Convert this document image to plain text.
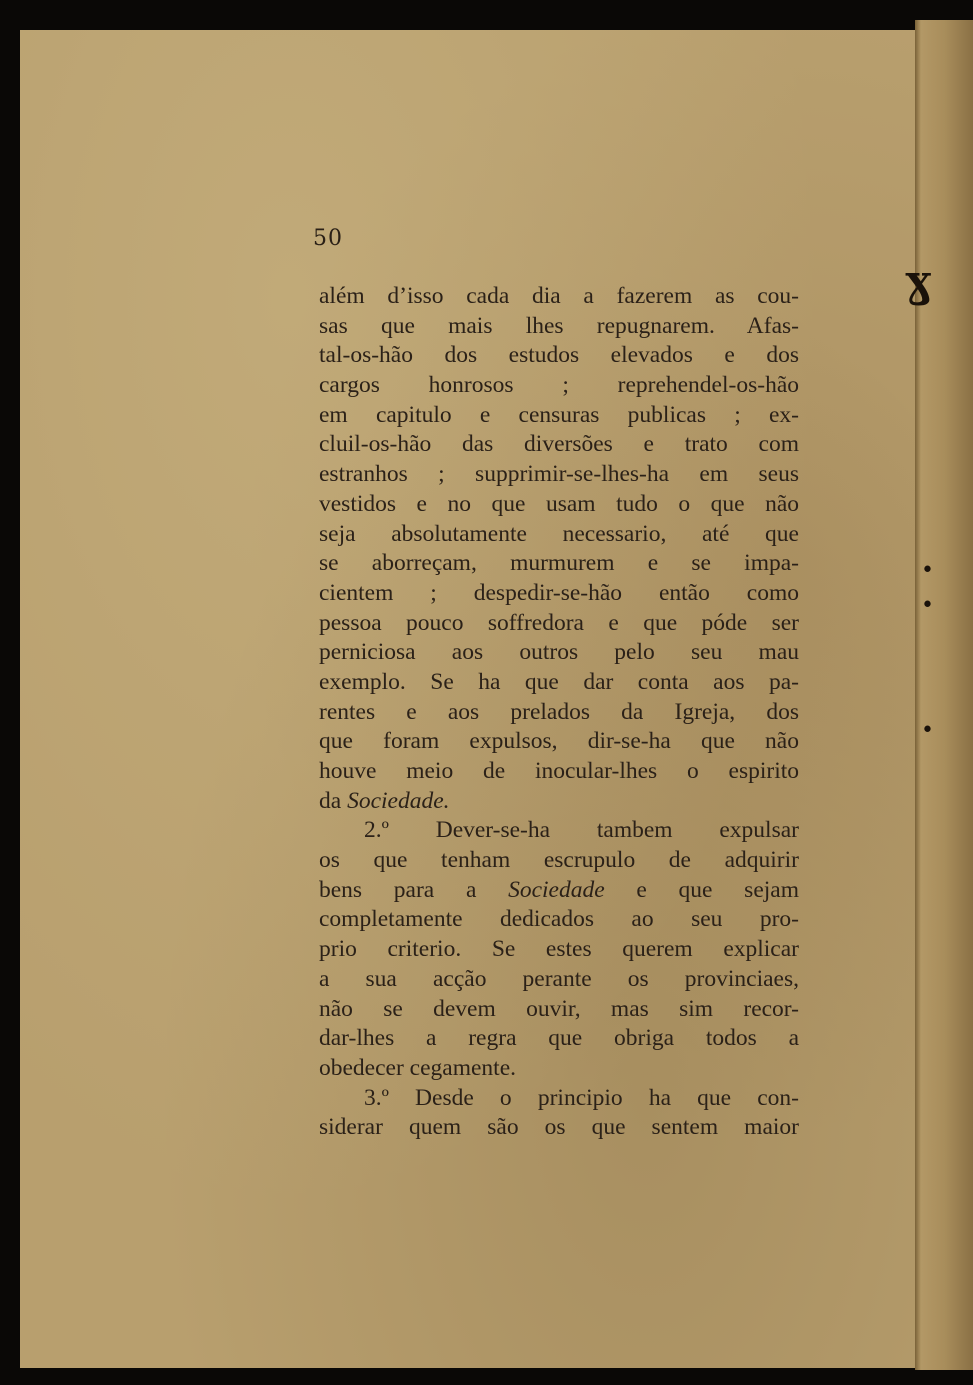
50
além d’isso cada dia a fazerem as cou-
sas que mais lhes repugnarem. Afas-
tal-os-hão dos estudos elevados e dos
cargos honrosos ; reprehendel-os-hão
em capitulo e censuras publicas ; ex-
cluil-os-hão das diversões e trato com
estranhos ; supprimir-se-lhes-ha em seus
vestidos e no que usam tudo o que não
seja absolutamente necessario, até que
se aborreçam, murmurem e se impa-
cientem ; despedir-se-hão então como
pessoa pouco soffredora e que póde ser
perniciosa aos outros pelo seu mau
exemplo. Se ha que dar conta aos pa-
rentes e aos prelados da Igreja, dos
que foram expulsos, dir-se-ha que não
houve meio de inocular-lhes o espirito
da Sociedade.
2.º Dever-se-ha tambem expulsar
os que tenham escrupulo de adquirir
bens para a Sociedade e que sejam
completamente dedicados ao seu pro-
prio criterio. Se estes querem explicar
a sua acção perante os provinciaes,
não se devem ouvir, mas sim recor-
dar-lhes a regra que obriga todos a
obedecer cegamente.
3.º Desde o principio ha que con-
siderar quem são os que sentem maior
ɣ
•
•
•
